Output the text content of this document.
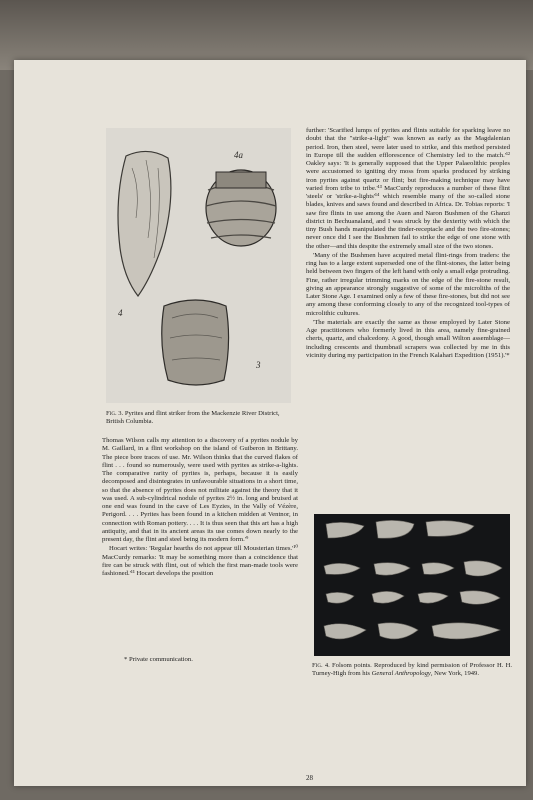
4a
4
3
Fig. 3. Pyrites and flint striker from the Mackenzie River District, British Columbia.

Thomas Wilson calls my attention to a discovery of a pyrites nodule by M. Gaillard, in a flint workshop on the island of Guiberon in Brittany. The piece bore traces of use. Mr. Wilson thinks that the curved flakes of flint . . . found so numerously, were used with pyrites as strike-a-lights. The comparative rarity of pyrites is, perhaps, because it is easily decomposed and disintegrates in unfavourable situations in a short time, so that the absence of pyrites does not militate against the theory that it was used. A sub-cylindrical nodule of pyrites 2½ in. long and bruised at one end was found in the cave of Les Eyzies, in the Vally of Vézère, Perigord. . . . Pyrites has been found in a kitchen midden at Ventnor, in connection with Roman pottery. . . . It is thus seen that this art has a high antiquity, and that in its ancient areas its use comes down nearly to the present day, the flint and steel being its modern form.'⁹

Hocart writes: 'Regular hearths do not appear till Mousterian times.'¹⁰ MacCurdy remarks: 'It may be something more than a coincidence that fire can be struck with flint, out of which the first man-made tools were fashioned.'¹¹ Hocart develops the position

* Private communication.

further: 'Scarified lumps of pyrites and flints suitable for sparking leave no doubt that the "strike-a-light" was known as early as the Magdalenian period. Iron, then steel, were later used to strike, and this method persisted in Europe till the sudden efflorescence of Chemistry led to the match.'¹² Oakley says: 'It is generally supposed that the Upper Palaeolithic peoples were accustomed to igniting dry moss from sparks produced by striking iron pyrites against quartz or flint; but fire-making technique may have varied from tribe to tribe.'¹³ MacCurdy reproduces a number of these flint 'steels' or 'strike-a-lights'¹⁴ which resemble many of the so-called stone blades, knives and saws found and described in Africa. Dr. Tobias reports: 'I saw fire flints in use among the Auen and Naron Bushmen of the Ghanzi district in Bechuanaland, and I was struck by the dexterity with which the tiny Bush hands manipulated the tinder-receptacle and the two fire-stones; never once did I see the Bushmen fail to strike the edge of one stone with the other—and this despite the extremely small size of the two stones.

'Many of the Bushmen have acquired metal flint-rings from traders: the ring has to a large extent superseded one of the flint-stones, the latter being held between two fingers of the left hand with only a small edge protruding. Fine, rather irregular trimming marks on the edge of the fire-stone result, giving an appearance strongly suggestive of some of the microliths of the Later Stone Age. I examined only a few of these fire-stones, but did not see any among these conforming closely to any of the recognized tool-types of microlithic cultures.

'The materials are exactly the same as those employed by Later Stone Age practitioners who formerly lived in this area, namely fine-grained cherts, quartz, and chalcedony. A good, though small Wilton assemblage—including crescents and thumbnail scrapers was collected by me in this vicinity during my participation in the French Kalahari Expedition (1951).'*

Fig. 4. Folsom points. Reproduced by kind permission of Professor H. H. Turney-High from his General Anthropology, New York, 1949.
28
